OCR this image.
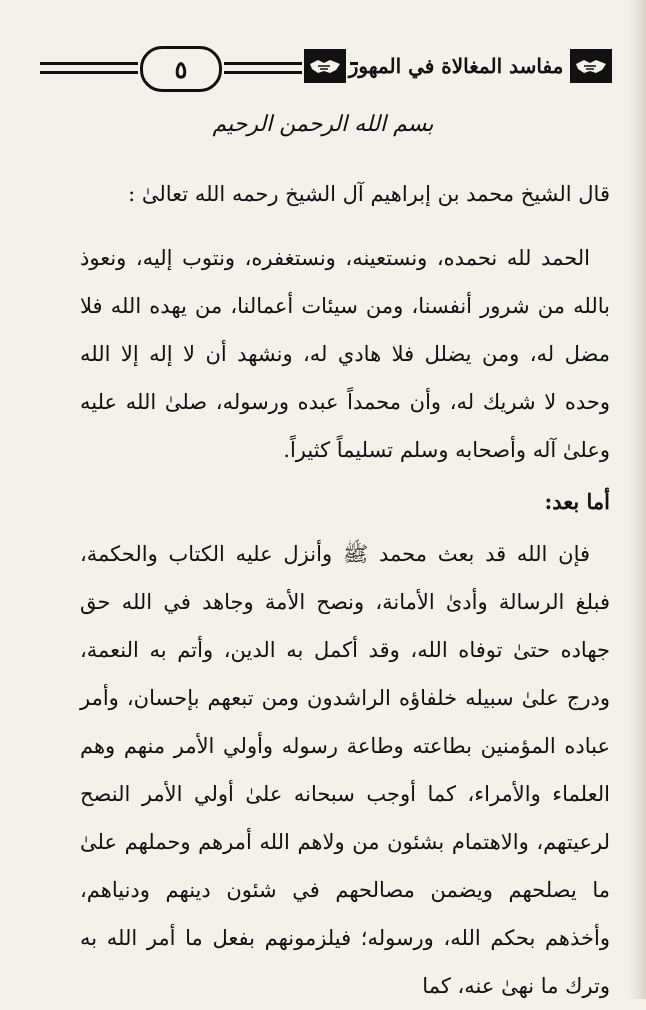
٥	مفاسد المغالاة في المهور
بسم الله الرحمن الرحيم
قال الشيخ محمد بن إبراهيم آل الشيخ رحمه الله تعالىٰ :
الحمد لله نحمده، ونستعينه، ونستغفره، ونتوب إليه، ونعوذ بالله من شرور أنفسنا، ومن سيئات أعمالنا، من يهده الله فلا مضل له، ومن يضلل فلا هادي له، ونشهد أن لا إله إلا الله وحده لا شريك له، وأن محمداً عبده ورسوله، صلىٰ الله عليه وعلىٰ آله وأصحابه وسلم تسليماً كثيراً.
أما بعد:
فإن الله قد بعث محمد ﷺ وأنزل عليه الكتاب والحكمة، فبلغ الرسالة وأدىٰ الأمانة، ونصح الأمة وجاهد في الله حق جهاده حتىٰ توفاه الله، وقد أكمل به الدين، وأتم به النعمة، ودرج علىٰ سبيله خلفاؤه الراشدون ومن تبعهم بإحسان، وأمر عباده المؤمنين بطاعته وطاعة رسوله وأولي الأمر منهم وهم العلماء والأمراء، كما أوجب سبحانه علىٰ أولي الأمر النصح لرعيتهم، والاهتمام بشئون من ولاهم الله أمرهم وحملهم علىٰ ما يصلحهم ويضمن مصالحهم في شئون دينهم ودنياهم، وأخذهم بحكم الله، ورسوله؛ فيلزمونهم بفعل ما أمر الله به وترك ما نهىٰ عنه، كما
